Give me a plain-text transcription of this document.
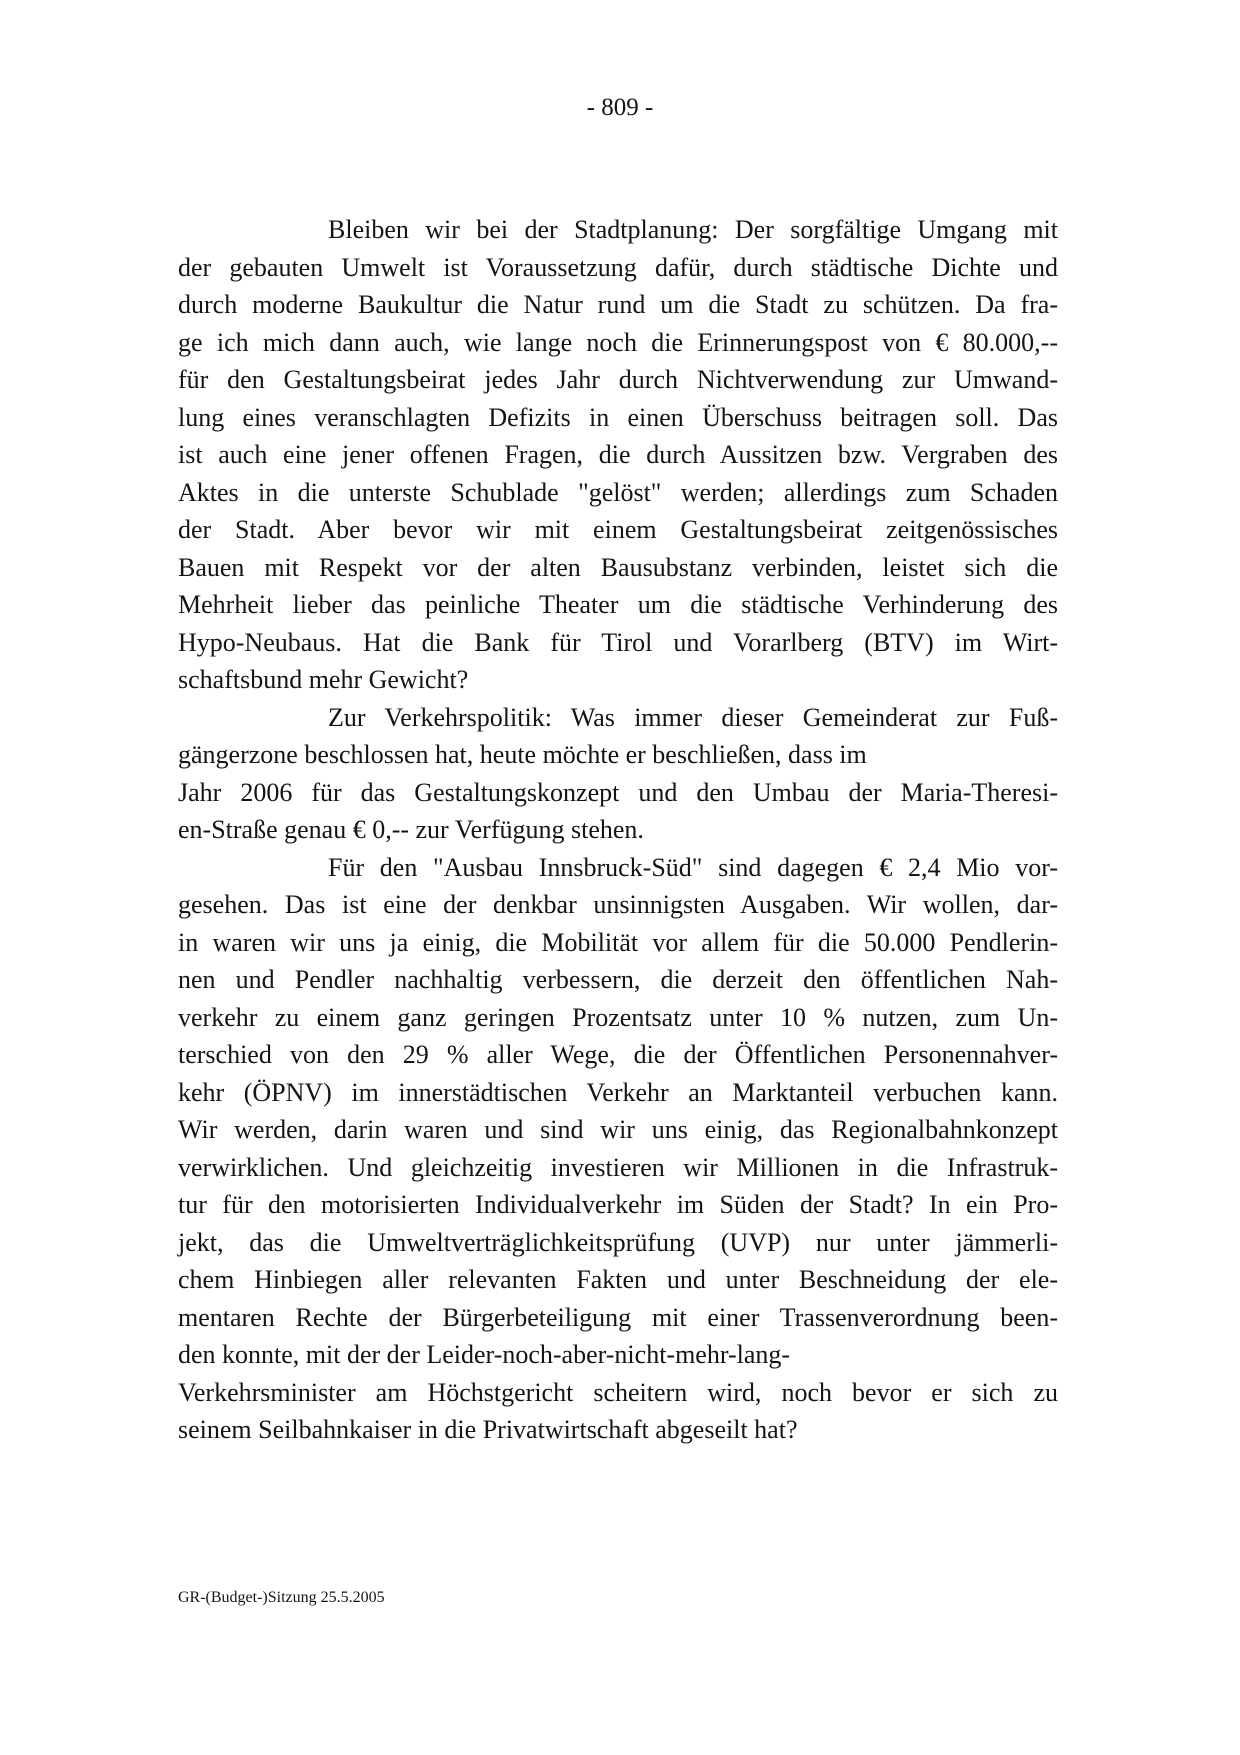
- 809 -
Bleiben wir bei der Stadtplanung: Der sorgfältige Umgang mit
der gebauten Umwelt ist Voraussetzung dafür, durch städtische Dichte und
durch moderne Baukultur die Natur rund um die Stadt zu schützen. Da fra-
ge ich mich dann auch, wie lange noch die Erinnerungspost von € 80.000,--
für den Gestaltungsbeirat jedes Jahr durch Nichtverwendung zur Umwand-
lung eines veranschlagten Defizits in einen Überschuss beitragen soll. Das
ist auch eine jener offenen Fragen, die durch Aussitzen bzw. Vergraben des
Aktes in die unterste Schublade "gelöst" werden; allerdings zum Schaden
der Stadt. Aber bevor wir mit einem Gestaltungsbeirat zeitgenössisches
Bauen mit Respekt vor der alten Bausubstanz verbinden, leistet sich die
Mehrheit lieber das peinliche Theater um die städtische Verhinderung des
Hypo-Neubaus. Hat die Bank für Tirol und Vorarlberg (BTV) im Wirt-
schaftsbund mehr Gewicht?
Zur Verkehrspolitik: Was immer dieser Gemeinderat zur Fuß-
gängerzone beschlossen hat, heute möchte er beschließen, dass im
Jahr 2006 für das Gestaltungskonzept und den Umbau der Maria-Theresi-
en-Straße genau € 0,-- zur Verfügung stehen.
Für den "Ausbau Innsbruck-Süd" sind dagegen € 2,4 Mio vor-
gesehen. Das ist eine der denkbar unsinnigsten Ausgaben. Wir wollen, dar-
in waren wir uns ja einig, die Mobilität vor allem für die 50.000 Pendlerin-
nen und Pendler nachhaltig verbessern, die derzeit den öffentlichen Nah-
verkehr zu einem ganz geringen Prozentsatz unter 10 % nutzen, zum Un-
terschied von den 29 % aller Wege, die der Öffentlichen Personennahver-
kehr (ÖPNV) im innerstädtischen Verkehr an Marktanteil verbuchen kann.
Wir werden, darin waren und sind wir uns einig, das Regionalbahnkonzept
verwirklichen. Und gleichzeitig investieren wir Millionen in die Infrastruk-
tur für den motorisierten Individualverkehr im Süden der Stadt? In ein Pro-
jekt, das die Umweltverträglichkeitsprüfung (UVP) nur unter jämmerli-
chem Hinbiegen aller relevanten Fakten und unter Beschneidung der ele-
mentaren Rechte der Bürgerbeteiligung mit einer Trassenverordnung been-
den konnte, mit der der Leider-noch-aber-nicht-mehr-lang-
Verkehrsminister am Höchstgericht scheitern wird, noch bevor er sich zu
seinem Seilbahnkaiser in die Privatwirtschaft abgeseilt hat?
GR-(Budget-)Sitzung 25.5.2005
